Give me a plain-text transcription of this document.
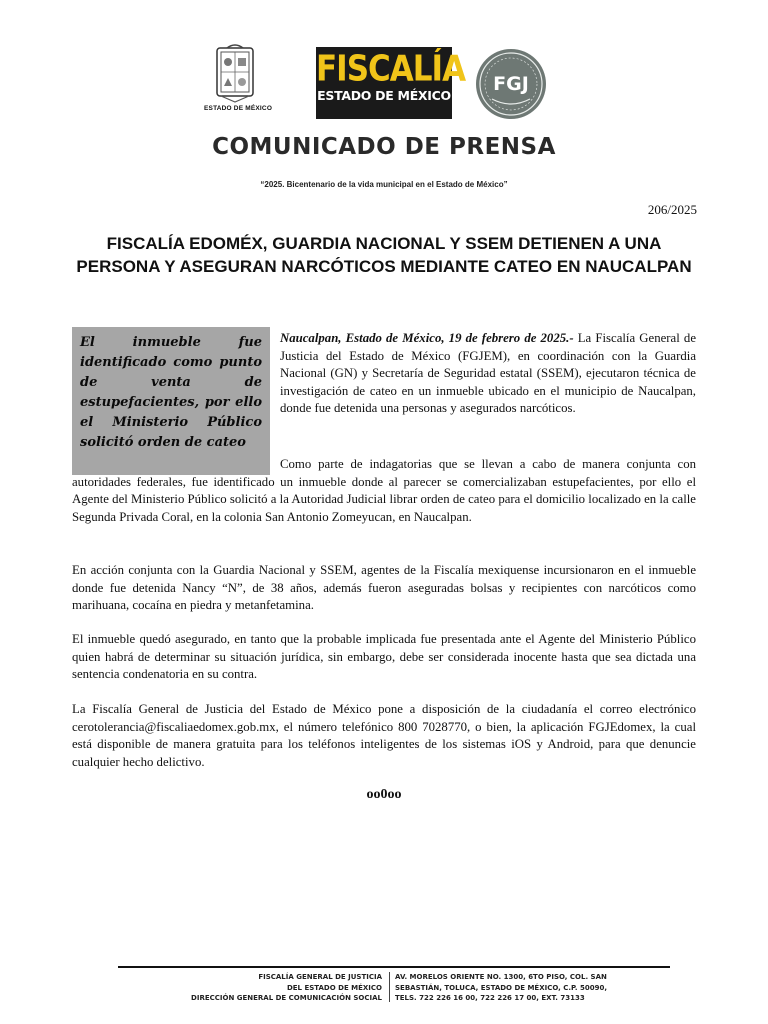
ESTADO DE MÉXICO
FISCALÍA
ESTADO DE MÉXICO
FGJ
COMUNICADO DE PRENSA
“2025. Bicentenario de la vida municipal en el Estado de México”
206/2025
FISCALÍA EDOMÉX, GUARDIA NACIONAL Y SSEM DETIENEN A UNA PERSONA Y ASEGURAN NARCÓTICOS MEDIANTE CATEO EN NAUCALPAN

El inmueble fue identificado como punto de venta de estupefacientes, por ello el Ministerio Público solicitó orden de cateo

Naucalpan, Estado de México, 19 de febrero de 2025.- La Fiscalía General de Justicia del Estado de México (FGJEM), en coordinación con la Guardia Nacional (GN) y Secretaría de Seguridad estatal (SSEM), ejecutaron técnica de investigación de cateo en un inmueble ubicado en el municipio de Naucalpan, donde fue detenida una personas y asegurados narcóticos.

Como parte de indagatorias que se llevan a cabo de manera conjunta con autoridades federales, fue identificado un inmueble donde al parecer se comercializaban estupefacientes, por ello el Agente del Ministerio Público solicitó a la Autoridad Judicial librar orden de cateo para el domicilio localizado en la calle Segunda Privada Coral, en la colonia San Antonio Zomeyucan, en Naucalpan.

En acción conjunta con la Guardia Nacional y SSEM, agentes de la Fiscalía mexiquense incursionaron en el inmueble donde fue detenida Nancy “N”, de 38 años, además fueron aseguradas bolsas y recipientes con narcóticos como marihuana, cocaína en piedra y metanfetamina.

El inmueble quedó asegurado, en tanto que la probable implicada fue presentada ante el Agente del Ministerio Público quien habrá de determinar su situación jurídica, sin embargo, debe ser considerada inocente hasta que sea dictada una sentencia condenatoria en su contra.

La Fiscalía General de Justicia del Estado de México pone a disposición de la ciudadanía el correo electrónico cerotolerancia@fiscaliaedomex.gob.mx, el número telefónico 800 7028770, o bien, la aplicación FGJEdomex, la cual está disponible de manera gratuita para los teléfonos inteligentes de los sistemas iOS y Android, para que denuncie cualquier hecho delictivo.

oo0oo
FISCALÍA GENERAL DE JUSTICIA
DEL ESTADO DE MÉXICO
DIRECCIÓN GENERAL DE COMUNICACIÓN SOCIAL
AV. MORELOS ORIENTE NO. 1300, 6TO PISO, COL. SAN
SEBASTIÁN, TOLUCA, ESTADO DE MÉXICO, C.P. 50090,
TELS. 722 226 16 00, 722 226 17 00, EXT. 73133
